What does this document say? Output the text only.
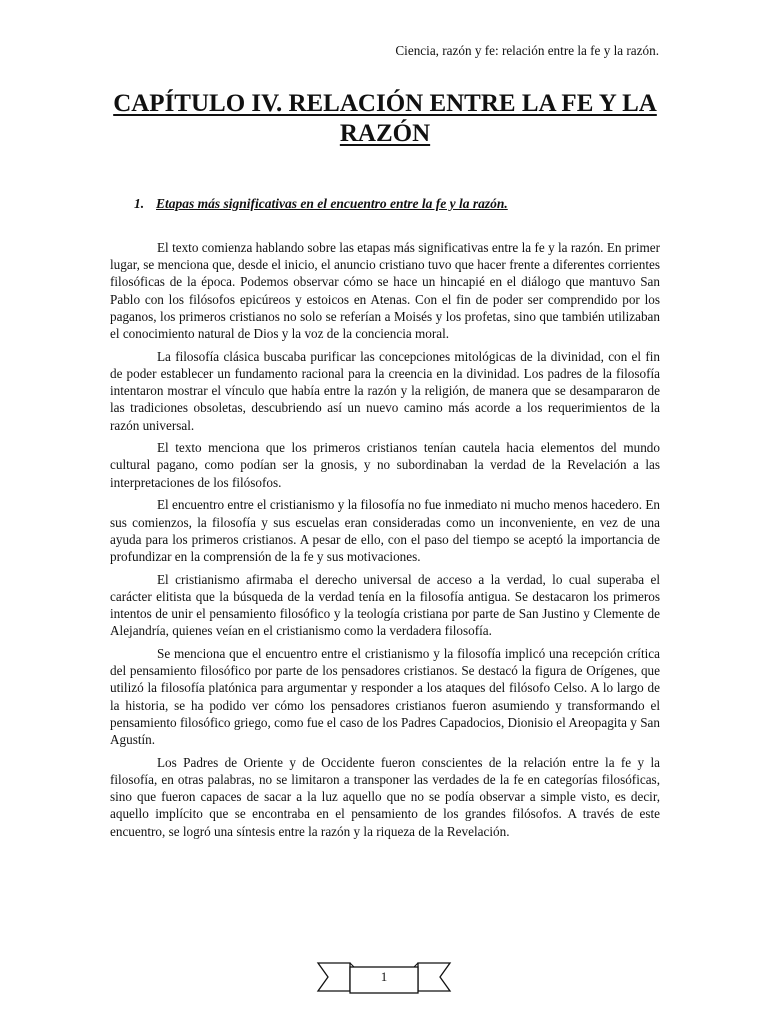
Ciencia, razón y fe: relación entre la fe y la razón.
CAPÍTULO IV. RELACIÓN ENTRE LA FE Y LA RAZÓN
1. Etapas más significativas en el encuentro entre la fe y la razón.

El texto comienza hablando sobre las etapas más significativas entre la fe y la razón. En primer lugar, se menciona que, desde el inicio, el anuncio cristiano tuvo que hacer frente a diferentes corrientes filosóficas de la época. Podemos observar cómo se hace un hincapié en el diálogo que mantuvo San Pablo con los filósofos epicúreos y estoicos en Atenas. Con el fin de poder ser comprendido por los paganos, los primeros cristianos no solo se referían a Moisés y los profetas, sino que también utilizaban el conocimiento natural de Dios y la voz de la conciencia moral.

La filosofía clásica buscaba purificar las concepciones mitológicas de la divinidad, con el fin de poder establecer un fundamento racional para la creencia en la divinidad. Los padres de la filosofía intentaron mostrar el vínculo que había entre la razón y la religión, de manera que se desampararon de las tradiciones obsoletas, descubriendo así un nuevo camino más acorde a los requerimientos de la razón universal.

El texto menciona que los primeros cristianos tenían cautela hacia elementos del mundo cultural pagano, como podían ser la gnosis, y no subordinaban la verdad de la Revelación a las interpretaciones de los filósofos.

El encuentro entre el cristianismo y la filosofía no fue inmediato ni mucho menos hacedero. En sus comienzos, la filosofía y sus escuelas eran consideradas como un inconveniente, en vez de una ayuda para los primeros cristianos. A pesar de ello, con el paso del tiempo se aceptó la importancia de profundizar en la comprensión de la fe y sus motivaciones.

El cristianismo afirmaba el derecho universal de acceso a la verdad, lo cual superaba el carácter elitista que la búsqueda de la verdad tenía en la filosofía antigua. Se destacaron los primeros intentos de unir el pensamiento filosófico y la teología cristiana por parte de San Justino y Clemente de Alejandría, quienes veían en el cristianismo como la verdadera filosofía.

Se menciona que el encuentro entre el cristianismo y la filosofía implicó una recepción crítica del pensamiento filosófico por parte de los pensadores cristianos. Se destacó la figura de Orígenes, que utilizó la filosofía platónica para argumentar y responder a los ataques del filósofo Celso. A lo largo de la historia, se ha podido ver cómo los pensadores cristianos fueron asumiendo y transformando el pensamiento filosófico griego, como fue el caso de los Padres Capadocios, Dionisio el Areopagita y San Agustín.

Los Padres de Oriente y de Occidente fueron conscientes de la relación entre la fe y la filosofía, en otras palabras, no se limitaron a transponer las verdades de la fe en categorías filosóficas, sino que fueron capaces de sacar a la luz aquello que no se podía observar a simple visto, es decir, aquello implícito que se encontraba en el pensamiento de los grandes filósofos. A través de este encuentro, se logró una síntesis entre la razón y la riqueza de la Revelación.

1
